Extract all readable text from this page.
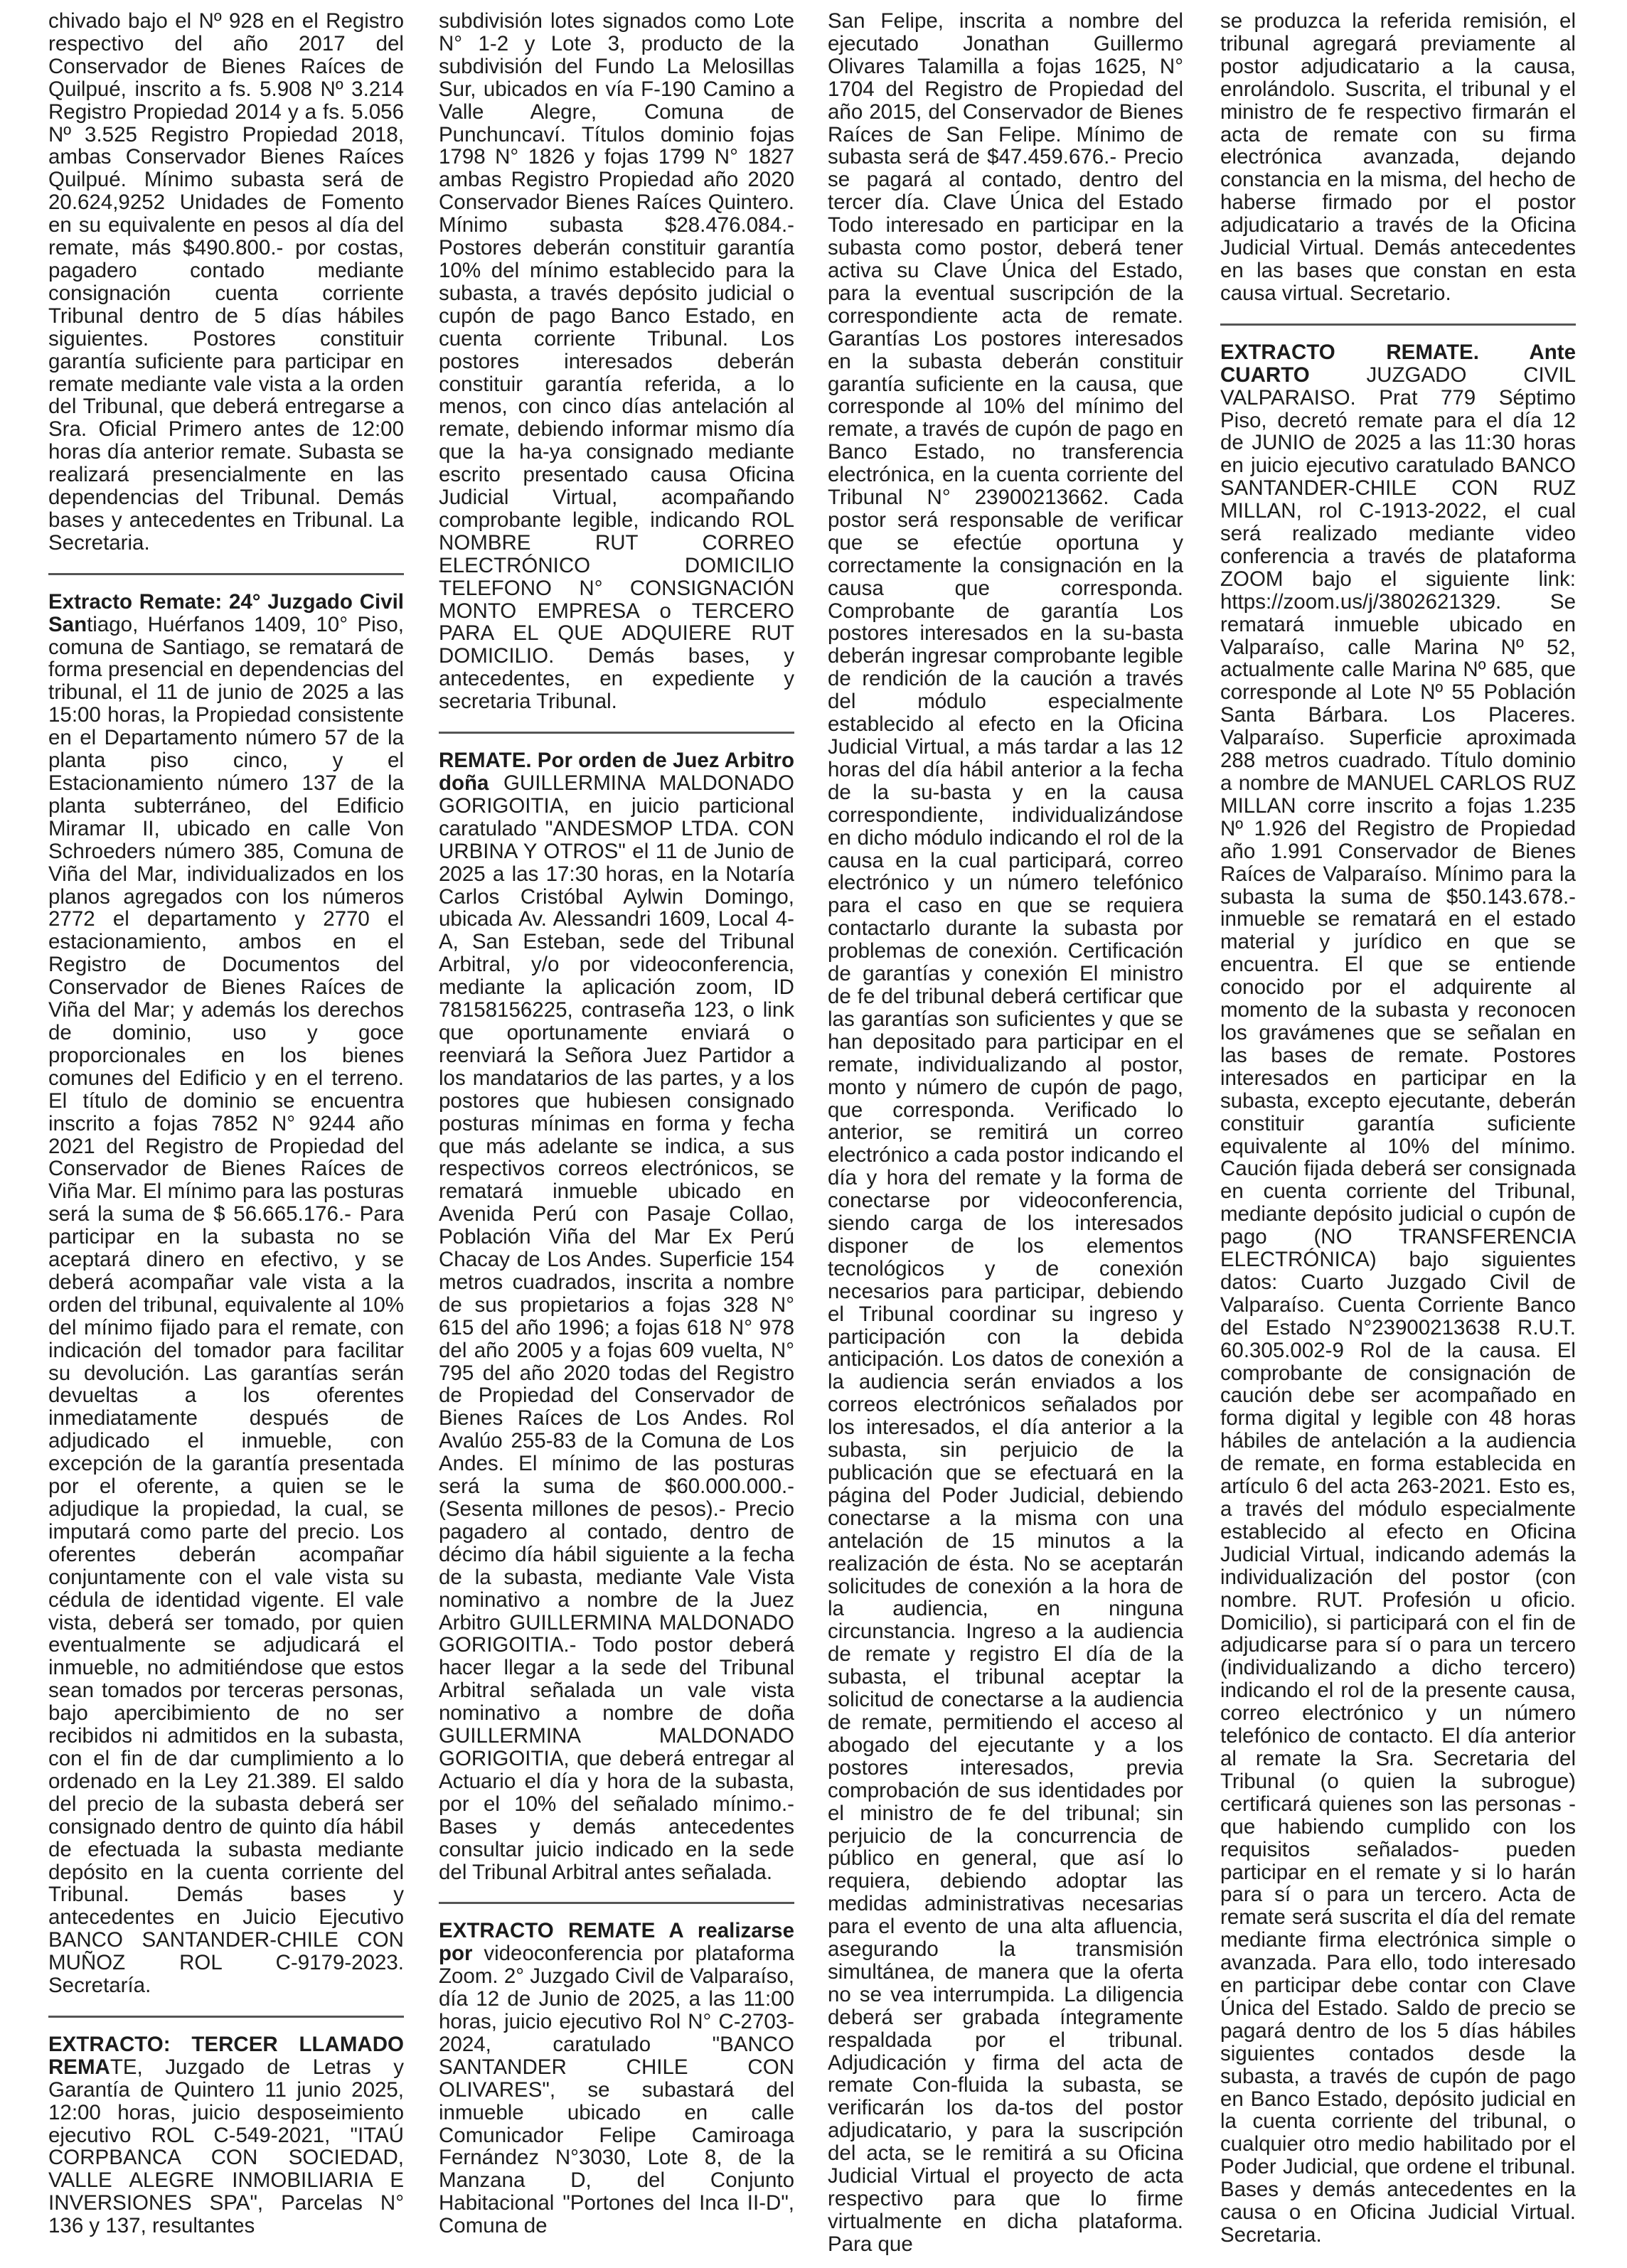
chivado bajo el Nº 928 en el Registro respectivo del año 2017 del Conservador de Bienes Raíces de Quilpué, inscrito a fs. 5.908 Nº 3.214 Registro Propiedad 2014 y a fs. 5.056 Nº 3.525 Registro Propiedad 2018, ambas Conservador Bienes Raíces Quilpué. Mínimo subasta será de 20.624,9252 Unidades de Fomento en su equivalente en pesos al día del remate, más $490.800.- por costas, pagadero contado mediante consignación cuenta corriente Tribunal dentro de 5 días hábiles siguientes. Postores constituir garantía suficiente para participar en remate mediante vale vista a la orden del Tribunal, que deberá entregarse a Sra. Oficial Primero antes de 12:00 horas día anterior remate. Subasta se realizará presencialmente en las dependencias del Tribunal. Demás bases y antecedentes en Tribunal. La Secretaria.

Extracto Remate: 24° Juzgado Civil Santiago, Huérfanos 1409, 10° Piso, comuna de Santiago, se rematará de forma presencial en dependencias del tribunal, el 11 de junio de 2025 a las 15:00 horas, la Propiedad consistente en el Departamento número 57 de la planta piso cinco, y el Estacionamiento número 137 de la planta subterráneo, del Edificio Miramar II, ubicado en calle Von Schroeders número 385, Comuna de Viña del Mar, individualizados en los planos agregados con los números 2772 el departamento y 2770 el estacionamiento, ambos en el Registro de Documentos del Conservador de Bienes Raíces de Viña del Mar; y además los derechos de dominio, uso y goce proporcionales en los bienes comunes del Edificio y en el terreno. El título de dominio se encuentra inscrito a fojas 7852 N° 9244 año 2021 del Registro de Propiedad del Conservador de Bienes Raíces de Viña Mar. El mínimo para las posturas será la suma de $ 56.665.176.- Para participar en la subasta no se aceptará dinero en efectivo, y se deberá acompañar vale vista a la orden del tribunal, equivalente al 10% del mínimo fijado para el remate, con indicación del tomador para facilitar su devolución. Las garantías serán devueltas a los oferentes inmediatamente después de adjudicado el inmueble, con excepción de la garantía presentada por el oferente, a quien se le adjudique la propiedad, la cual, se imputará como parte del precio. Los oferentes deberán acompañar conjuntamente con el vale vista su cédula de identidad vigente. El vale vista, deberá ser tomado, por quien eventualmente se adjudicará el inmueble, no admitiéndose que estos sean tomados por terceras personas, bajo apercibimiento de no ser recibidos ni admitidos en la subasta, con el fin de dar cumplimiento a lo ordenado en la Ley 21.389. El saldo del precio de la subasta deberá ser consignado dentro de quinto día hábil de efectuada la subasta mediante depósito en la cuenta corriente del Tribunal. Demás bases y antecedentes en Juicio Ejecutivo BANCO SANTANDER-CHILE CON MUÑOZ ROL C-9179-2023. Secretaría.

EXTRACTO: TERCER LLAMADO REMATE, Juzgado de Letras y Garantía de Quintero 11 junio 2025, 12:00 horas, juicio desposeimiento ejecutivo ROL C-549-2021, "ITAÚ CORPBANCA CON SOCIEDAD, VALLE ALEGRE INMOBILIARIA E INVERSIONES SPA", Parcelas N° 136 y 137, resultantes

subdivisión lotes signados como Lote N° 1-2 y Lote 3, producto de la subdivisión del Fundo La Melosillas Sur, ubicados en vía F-190 Camino a Valle Alegre, Comuna de Punchuncaví. Títulos dominio fojas 1798 N° 1826 y fojas 1799 N° 1827 ambas Registro Propiedad año 2020 Conservador Bienes Raíces Quintero. Mínimo subasta $28.476.084.- Postores deberán constituir garantía 10% del mínimo establecido para la subasta, a través depósito judicial o cupón de pago Banco Estado, en cuenta corriente Tribunal. Los postores interesados deberán constituir garantía referida, a lo menos, con cinco días antelación al remate, debiendo informar mismo día que la ha-ya consignado mediante escrito presentado causa Oficina Judicial Virtual, acompañando comprobante legible, indicando ROL NOMBRE RUT CORREO ELECTRÓNICO DOMICILIO TELEFONO N° CONSIGNACIÓN MONTO EMPRESA o TERCERO PARA EL QUE ADQUIERE RUT DOMICILIO. Demás bases, y antecedentes, en expediente y secretaria Tribunal.

REMATE. Por orden de Juez Arbitro doña GUILLERMINA MALDONADO GORIGOITIA, en juicio particional caratulado "ANDESMOP LTDA. CON URBINA Y OTROS" el 11 de Junio de 2025 a las 17:30 horas, en la Notaría Carlos Cristóbal Aylwin Domingo, ubicada Av. Alessandri 1609, Local 4-A, San Esteban, sede del Tribunal Arbitral, y/o por videoconferencia, mediante la aplicación zoom, ID 78158156225, contraseña 123, o link que oportunamente enviará o reenviará la Señora Juez Partidor a los mandatarios de las partes, y a los postores que hubiesen consignado posturas mínimas en forma y fecha que más adelante se indica, a sus respectivos correos electrónicos, se rematará inmueble ubicado en Avenida Perú con Pasaje Collao, Población Viña del Mar Ex Perú Chacay de Los Andes. Superficie 154 metros cuadrados, inscrita a nombre de sus propietarios a fojas 328 N° 615 del año 1996; a fojas 618 N° 978 del año 2005 y a fojas 609 vuelta, N° 795 del año 2020 todas del Registro de Propiedad del Conservador de Bienes Raíces de Los Andes. Rol Avalúo 255-83 de la Comuna de Los Andes. El mínimo de las posturas será la suma de $60.000.000.- (Sesenta millones de pesos).- Precio pagadero al contado, dentro de décimo día hábil siguiente a la fecha de la subasta, mediante Vale Vista nominativo a nombre de la Juez Arbitro GUILLERMINA MALDONADO GORIGOITIA.- Todo postor deberá hacer llegar a la sede del Tribunal Arbitral señalada un vale vista nominativo a nombre de doña GUILLERMINA MALDONADO GORIGOITIA, que deberá entregar al Actuario el día y hora de la subasta, por el 10% del señalado mínimo.- Bases y demás antecedentes consultar juicio indicado en la sede del Tribunal Arbitral antes señalada.

EXTRACTO REMATE A realizarse por videoconferencia por plataforma Zoom. 2° Juzgado Civil de Valparaíso, día 12 de Junio de 2025, a las 11:00 horas, juicio ejecutivo Rol N° C-2703-2024, caratulado "BANCO SANTANDER CHILE CON OLIVARES", se subastará del inmueble ubicado en calle Comunicador Felipe Camiroaga Fernández N°3030, Lote 8, de la Manzana D, del Conjunto Habitacional "Portones del Inca II-D", Comuna de

San Felipe, inscrita a nombre del ejecutado Jonathan Guillermo Olivares Talamilla a fojas 1625, N° 1704 del Registro de Propiedad del año 2015, del Conservador de Bienes Raíces de San Felipe. Mínimo de subasta será de $47.459.676.- Precio se pagará al contado, dentro del tercer día. Clave Única del Estado Todo interesado en participar en la subasta como postor, deberá tener activa su Clave Única del Estado, para la eventual suscripción de la correspondiente acta de remate. Garantías Los postores interesados en la subasta deberán constituir garantía suficiente en la causa, que corresponde al 10% del mínimo del remate, a través de cupón de pago en Banco Estado, no transferencia electrónica, en la cuenta corriente del Tribunal N° 23900213662. Cada postor será responsable de verificar que se efectúe oportuna y correctamente la consignación en la causa que corresponda. Comprobante de garantía Los postores interesados en la su-basta deberán ingresar comprobante legible de rendición de la caución a través del módulo especialmente establecido al efecto en la Oficina Judicial Virtual, a más tardar a las 12 horas del día hábil anterior a la fecha de la su-basta y en la causa correspondiente, individualizándose en dicho módulo indicando el rol de la causa en la cual participará, correo electrónico y un número telefónico para el caso en que se requiera contactarlo durante la subasta por problemas de conexión. Certificación de garantías y conexión El ministro de fe del tribunal deberá certificar que las garantías son suficientes y que se han depositado para participar en el remate, individualizando al postor, monto y número de cupón de pago, que corresponda. Verificado lo anterior, se remitirá un correo electrónico a cada postor indicando el día y hora del remate y la forma de conectarse por videoconferencia, siendo carga de los interesados disponer de los elementos tecnológicos y de conexión necesarios para participar, debiendo el Tribunal coordinar su ingreso y participación con la debida anticipación. Los datos de conexión a la audiencia serán enviados a los correos electrónicos señalados por los interesados, el día anterior a la subasta, sin perjuicio de la publicación que se efectuará en la página del Poder Judicial, debiendo conectarse a la misma con una antelación de 15 minutos a la realización de ésta. No se aceptarán solicitudes de conexión a la hora de la audiencia, en ninguna circunstancia. Ingreso a la audiencia de remate y registro El día de la subasta, el tribunal aceptar la solicitud de conectarse a la audiencia de remate, permitiendo el acceso al abogado del ejecutante y a los postores interesados, previa comprobación de sus identidades por el ministro de fe del tribunal; sin perjuicio de la concurrencia de público en general, que así lo requiera, debiendo adoptar las medidas administrativas necesarias para el evento de una alta afluencia, asegurando la transmisión simultánea, de manera que la oferta no se vea interrumpida. La diligencia deberá ser grabada íntegramente respaldada por el tribunal. Adjudicación y firma del acta de remate Con-fluida la subasta, se verificarán los da-tos del postor adjudicatario, y para la suscripción del acta, se le remitirá a su Oficina Judicial Virtual el proyecto de acta respectivo para que lo firme virtualmente en dicha plataforma. Para que

se produzca la referida remisión, el tribunal agregará previamente al postor adjudicatario a la causa, enrolándolo. Suscrita, el tribunal y el ministro de fe respectivo firmarán el acta de remate con su firma electrónica avanzada, dejando constancia en la misma, del hecho de haberse firmado por el postor adjudicatario a través de la Oficina Judicial Virtual. Demás antecedentes en las bases que constan en esta causa virtual. Secretario.

EXTRACTO REMATE. Ante CUARTO	JUZGADO CIVIL VALPARAISO. Prat 779 Séptimo Piso, decretó remate para el día 12 de JUNIO de 2025 a las 11:30 horas en juicio ejecutivo caratulado BANCO SANTANDER-CHILE CON RUZ MILLAN, rol C-1913-2022, el cual será realizado mediante video conferencia a través de plataforma ZOOM bajo el siguiente link: https://zoom.us/j/3802621329. Se rematará inmueble ubicado en Valparaíso, calle Marina Nº 52, actualmente calle Marina Nº 685, que corresponde al Lote Nº 55 Población Santa Bárbara. Los Placeres. Valparaíso. Superficie aproximada 288 metros cuadrado. Título dominio a nombre de MANUEL CARLOS RUZ MILLAN corre inscrito a fojas 1.235 Nº 1.926 del Registro de Propiedad año 1.991 Conservador de Bienes Raíces de Valparaíso. Mínimo para la subasta la suma de $50.143.678.- inmueble se rematará en el estado material y jurídico en que se encuentra. El que se entiende conocido por el adquirente al momento de la subasta y reconocen los gravámenes que se señalan en las bases de remate. Postores interesados en participar en la subasta, excepto ejecutante, deberán constituir garantía suficiente equivalente al 10% del mínimo. Caución fijada deberá ser consignada en cuenta corriente del Tribunal, mediante depósito judicial o cupón de pago (NO TRANSFERENCIA ELECTRÓNICA) bajo siguientes datos: Cuarto Juzgado Civil de Valparaíso. Cuenta Corriente Banco del Estado N°23900213638 R.U.T. 60.305.002-9 Rol de la causa. El comprobante de consignación de caución debe ser acompañado en forma digital y legible con 48 horas hábiles de antelación a la audiencia de remate, en forma establecida en artículo 6 del acta 263-2021. Esto es, a través del módulo especialmente establecido al efecto en Oficina Judicial Virtual, indicando además la individualización del postor (con nombre. RUT. Profesión u oficio. Domicilio), si participará con el fin de adjudicarse para sí o para un tercero (individualizando a dicho tercero) indicando el rol de la presente causa, correo electrónico y un número telefónico de contacto. El día anterior al remate la Sra. Secretaria del Tribunal (o quien la subrogue) certificará quienes son las personas -que habiendo cumplido con los requisitos señalados- pueden participar en el remate y si lo harán para sí o para un tercero. Acta de remate será suscrita el día del remate mediante firma electrónica simple o avanzada. Para ello, todo interesado en participar debe contar con Clave Única del Estado. Saldo de precio se pagará dentro de los 5 días hábiles siguientes contados desde la subasta, a través de cupón de pago en Banco Estado, depósito judicial en la cuenta corriente del tribunal, o cualquier otro medio habilitado por el Poder Judicial, que ordene el tribunal. Bases y demás antecedentes en la causa o en Oficina Judicial Virtual. Secretaria.
